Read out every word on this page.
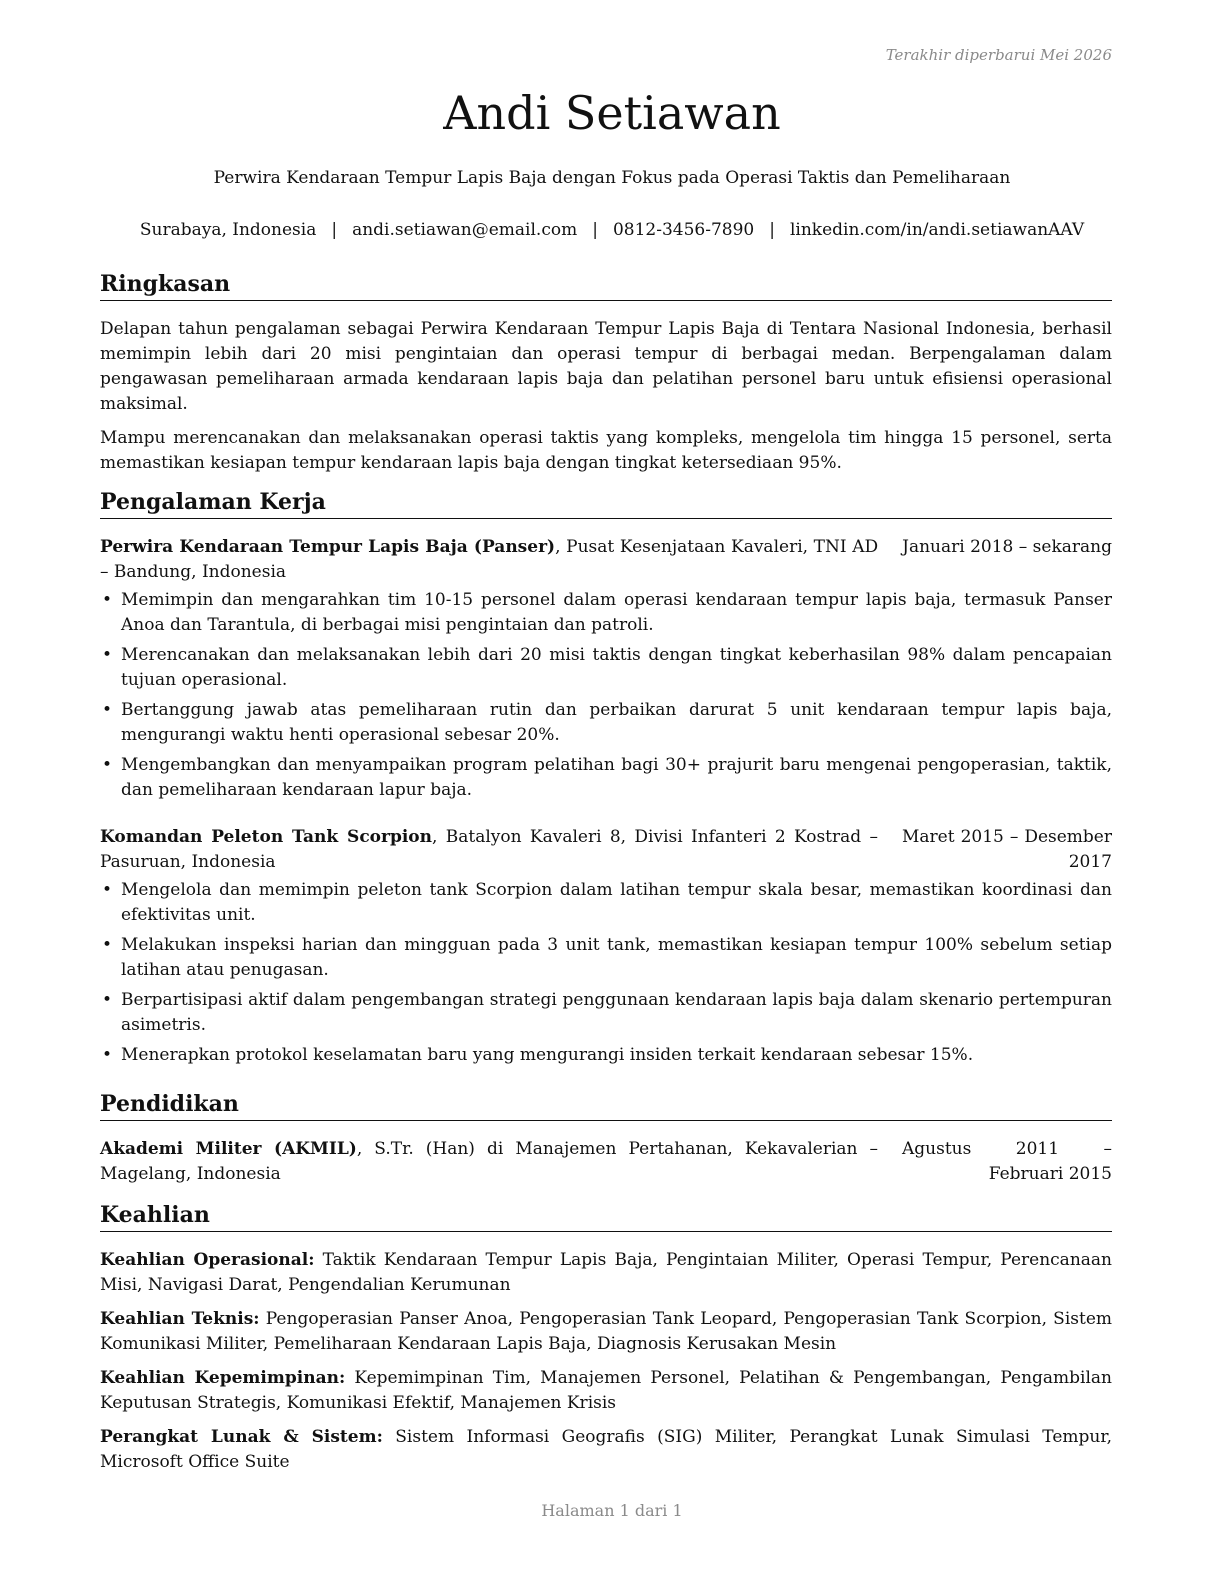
Terakhir diperbarui Mei 2026
Andi Setiawan
Perwira Kendaraan Tempur Lapis Baja dengan Fokus pada Operasi Taktis dan Pemeliharaan
Surabaya, Indonesia | andi.setiawan@email.com | 0812-3456-7890 | linkedin.com/in/andi.setiawanAAV
Ringkasan

Delapan tahun pengalaman sebagai Perwira Kendaraan Tempur Lapis Baja di Tentara Nasional Indonesia, berhasil memimpin lebih dari 20 misi pengintaian dan operasi tempur di berbagai medan. Berpengalaman dalam pengawasan pemeliharaan armada kendaraan lapis baja dan pelatihan personel baru untuk efisiensi operasional maksimal.

Mampu merencanakan dan melaksanakan operasi taktis yang kompleks, mengelola tim hingga 15 personel, serta memastikan kesiapan tempur kendaraan lapis baja dengan tingkat ketersediaan 95%.

Pengalaman Kerja
Perwira Kendaraan Tempur Lapis Baja (Panser), Pusat Kesenjataan Kavaleri, TNI AD – Bandung, Indonesia
Januari 2018 – sekarang
• Memimpin dan mengarahkan tim 10-15 personel dalam operasi kendaraan tempur lapis baja, termasuk Panser Anoa dan Tarantula, di berbagai misi pengintaian dan patroli.
• Merencanakan dan melaksanakan lebih dari 20 misi taktis dengan tingkat keberhasilan 98% dalam pencapaian tujuan operasional.
• Bertanggung jawab atas pemeliharaan rutin dan perbaikan darurat 5 unit kendaraan tempur lapis baja, mengurangi waktu henti operasional sebesar 20%.
• Mengembangkan dan menyampaikan program pelatihan bagi 30+ prajurit baru mengenai pengoperasian, taktik, dan pemeliharaan kendaraan lapur baja.
Komandan Peleton Tank Scorpion, Batalyon Kavaleri 8, Divisi Infanteri 2 Kostrad – Pasuruan, Indonesia
Maret 2015 – Desember 2017
• Mengelola dan memimpin peleton tank Scorpion dalam latihan tempur skala besar, memastikan koordinasi dan efektivitas unit.
• Melakukan inspeksi harian dan mingguan pada 3 unit tank, memastikan kesiapan tempur 100% sebelum setiap latihan atau penugasan.
• Berpartisipasi aktif dalam pengembangan strategi penggunaan kendaraan lapis baja dalam skenario pertempuran asimetris.
• Menerapkan protokol keselamatan baru yang mengurangi insiden terkait kendaraan sebesar 15%.
Pendidikan
Akademi Militer (AKMIL), S.Tr. (Han) di Manajemen Pertahanan, Kekavalerian – Magelang, Indonesia
Agustus 2011 – Februari 2015
Keahlian

Keahlian Operasional: Taktik Kendaraan Tempur Lapis Baja, Pengintaian Militer, Operasi Tempur, Perencanaan Misi, Navigasi Darat, Pengendalian Kerumunan

Keahlian Teknis: Pengoperasian Panser Anoa, Pengoperasian Tank Leopard, Pengoperasian Tank Scorpion, Sistem Komunikasi Militer, Pemeliharaan Kendaraan Lapis Baja, Diagnosis Kerusakan Mesin

Keahlian Kepemimpinan: Kepemimpinan Tim, Manajemen Personel, Pelatihan & Pengembangan, Pengambilan Keputusan Strategis, Komunikasi Efektif, Manajemen Krisis

Perangkat Lunak & Sistem: Sistem Informasi Geografis (SIG) Militer, Perangkat Lunak Simulasi Tempur, Microsoft Office Suite

Halaman 1 dari 1
